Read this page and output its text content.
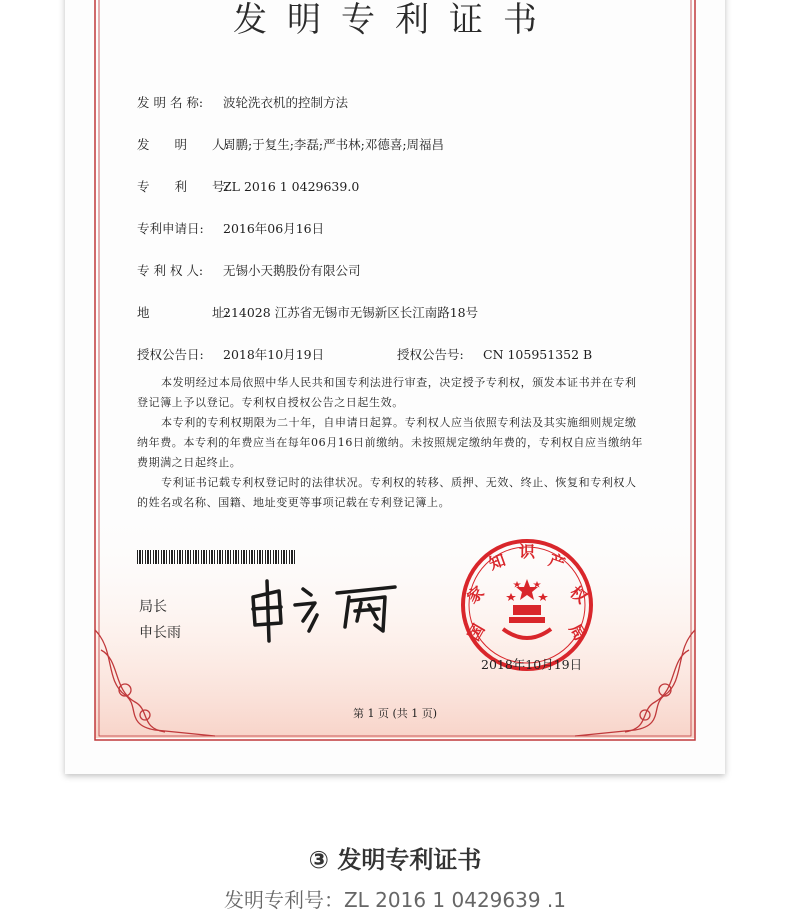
发明专利证书
发 明 名 称: 波轮洗衣机的控制方法
发　　明　　人:周鹏;于复生;李磊;严书林;邓德喜;周福昌
专　　利　　号:ZL 2016 1 0429639.0
专利申请日: 2016年06月16日
专 利 权 人: 无锡小天鹅股份有限公司
地　　　　　址:214028 江苏省无锡市无锡新区长江南路18号
授权公告日: 2018年10月19日	授权公告号: CN 105951352 B

本发明经过本局依照中华人民共和国专利法进行审查，决定授予专利权，颁发本证书并在专利登记簿上予以登记。专利权自授权公告之日起生效。

本专利的专利权期限为二十年，自申请日起算。专利权人应当依照专利法及其实施细则规定缴纳年费。本专利的年费应当在每年06月16日前缴纳。未按照规定缴纳年费的，专利权自应当缴纳年费期满之日起终止。

专利证书记载专利权登记时的法律状况。专利权的转移、质押、无效、终止、恢复和专利权人的姓名或名称、国籍、地址变更等事项记载在专利登记簿上。

局长
申长雨	国
家
知 识 产
权
局
2018年10月19日
第 1 页 (共 1 页)
③ 发明专利证书
发明专利号：ZL 2016 1 0429639 .1
